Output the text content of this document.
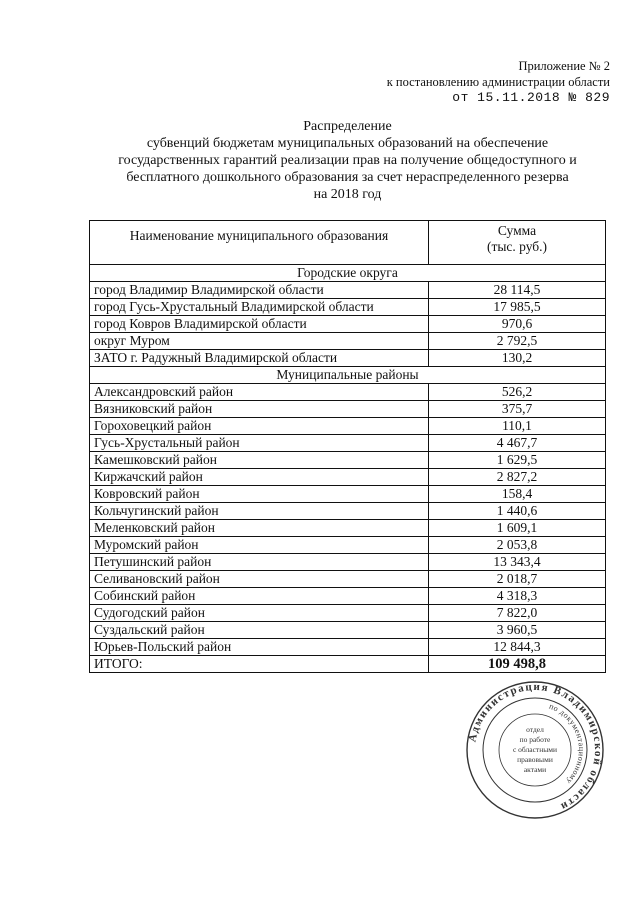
Приложение № 2
к постановлению администрации области
от 15.11.2018 № 829
Распределение
субвенций бюджетам муниципальных образований на обеспечение
государственных гарантий реализации прав на получение общедоступного и
бесплатного дошкольного образования за счет нераспределенного резерва
на 2018 год
Наименование муниципального образования	Сумма
(тыс. руб.)

Городские округа	
город Владимир Владимирской области	28 114,5
город Гусь-Хрустальный Владимирской области	17 985,5
город Ковров Владимирской области	970,6
округ Муром	2 792,5
ЗАТО г. Радужный Владимирской области	130,2
Муниципальные районы	
Александровский район	526,2
Вязниковский район	375,7
Гороховецкий район	110,1
Гусь-Хрустальный район	4 467,7
Камешковский район	1 629,5
Киржачский район	2 827,2
Ковровский район	158,4
Кольчугинский район	1 440,6
Меленковский район	1 609,1
Муромский район	2 053,8
Петушинский район	13 343,4
Селивановский район	2 018,7
Собинский район	4 318,3
Судогодский район	7 822,0
Суздальский район	3 960,5
Юрьев-Польский район	12 844,3
ИТОГО:	109 498,8
Администрация Владимирской области
по документационному
отдел
по работе
с областными
правовыми
актами
